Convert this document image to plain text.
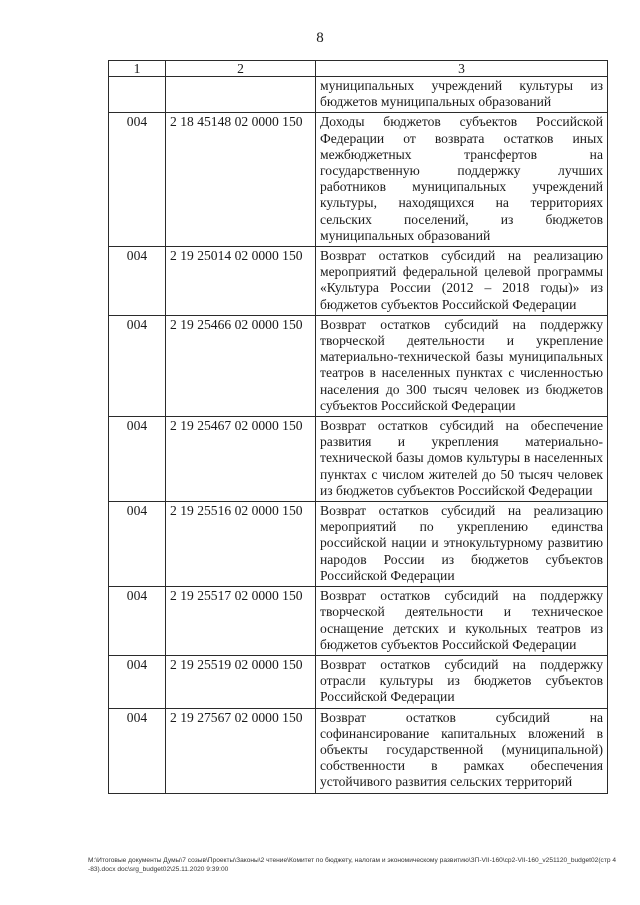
8
1	2	3
		муниципальных учреждений культуры из бюджетов муниципальных образований
004	2 18 45148 02 0000 150	Доходы бюджетов субъектов Российской Федерации от возврата остатков иных межбюджетных трансфертов на государственную поддержку лучших работников муниципальных учреждений культуры, находящихся на территориях сельских поселений, из бюджетов муниципальных образований
004	2 19 25014 02 0000 150	Возврат остатков субсидий на реализацию мероприятий федеральной целевой программы «Культура России (2012 – 2018 годы)» из бюджетов субъектов Российской Федерации
004	2 19 25466 02 0000 150	Возврат остатков субсидий на поддержку творческой деятельности и укрепление материально-технической базы муниципальных театров в населенных пунктах с численностью населения до 300 тысяч человек из бюджетов субъектов Российской Федерации
004	2 19 25467 02 0000 150	Возврат остатков субсидий на обеспечение развития и укрепления материально-технической базы домов культуры в населенных пунктах с числом жителей до 50 тысяч человек из бюджетов субъектов Российской Федерации
004	2 19 25516 02 0000 150	Возврат остатков субсидий на реализацию мероприятий по укреплению единства российской нации и этнокультурному развитию народов России из бюджетов субъектов Российской Федерации
004	2 19 25517 02 0000 150	Возврат остатков субсидий на поддержку творческой деятельности и техническое оснащение детских и кукольных театров из бюджетов субъектов Российской Федерации
004	2 19 25519 02 0000 150	Возврат остатков субсидий на поддержку отрасли культуры из бюджетов субъектов Российской Федерации
004	2 19 27567 02 0000 150	Возврат остатков субсидий на софинансирование капитальных вложений в объекты государственной (муниципальной) собственности в рамках обеспечения устойчивого развития сельских территорий
M:\Итоговые документы Думы\7 созыв\Проекты\Законы\2 чтение\Комитет по бюджету, налогам и экономическому развитию\ЗП-VII-160\ср2-VII-160_v251120_budget02(стр 4-83).docx doc\srg_budget02\25.11.2020 9:39:00
